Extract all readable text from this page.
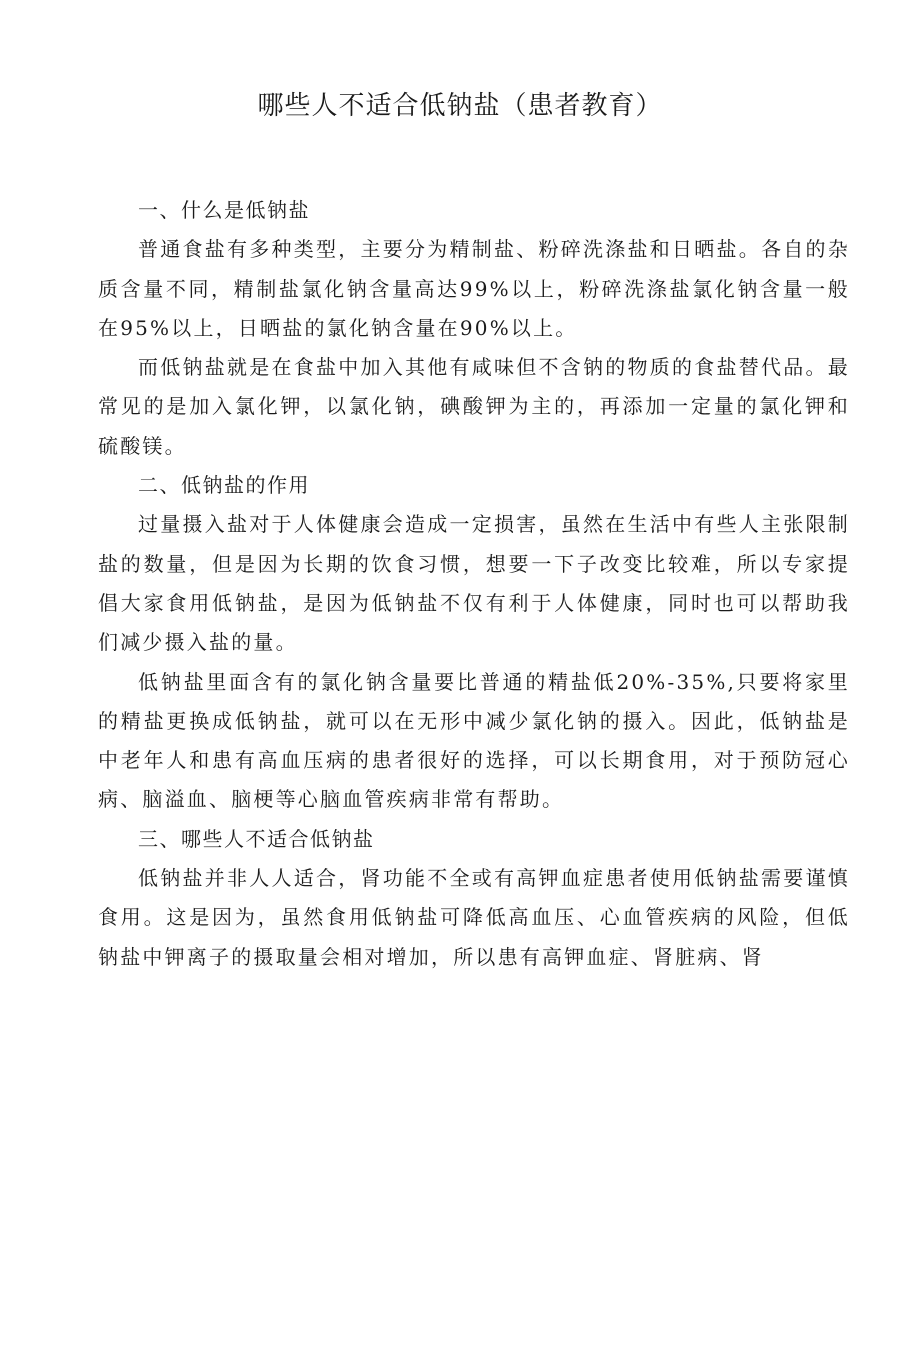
哪些人不适合低钠盐（患者教育）

一、什么是低钠盐

普通食盐有多种类型，主要分为精制盐、粉碎洗涤盐和日晒盐。各自的杂质含量不同，精制盐氯化钠含量高达99%以上，粉碎洗涤盐氯化钠含量一般在95%以上，日晒盐的氯化钠含量在90%以上。

而低钠盐就是在食盐中加入其他有咸味但不含钠的物质的食盐替代品。最常见的是加入氯化钾，以氯化钠，碘酸钾为主的，再添加一定量的氯化钾和硫酸镁。

二、低钠盐的作用

过量摄入盐对于人体健康会造成一定损害，虽然在生活中有些人主张限制盐的数量，但是因为长期的饮食习惯，想要一下子改变比较难，所以专家提倡大家食用低钠盐，是因为低钠盐不仅有利于人体健康，同时也可以帮助我们减少摄入盐的量。

低钠盐里面含有的氯化钠含量要比普通的精盐低20%-35%,只要将家里的精盐更换成低钠盐，就可以在无形中减少氯化钠的摄入。因此，低钠盐是中老年人和患有高血压病的患者很好的选择，可以长期食用，对于预防冠心病、脑溢血、脑梗等心脑血管疾病非常有帮助。

三、哪些人不适合低钠盐

低钠盐并非人人适合，肾功能不全或有高钾血症患者使用低钠盐需要谨慎食用。这是因为，虽然食用低钠盐可降低高血压、心血管疾病的风险，但低钠盐中钾离子的摄取量会相对增加，所以患有高钾血症、肾脏病、肾
